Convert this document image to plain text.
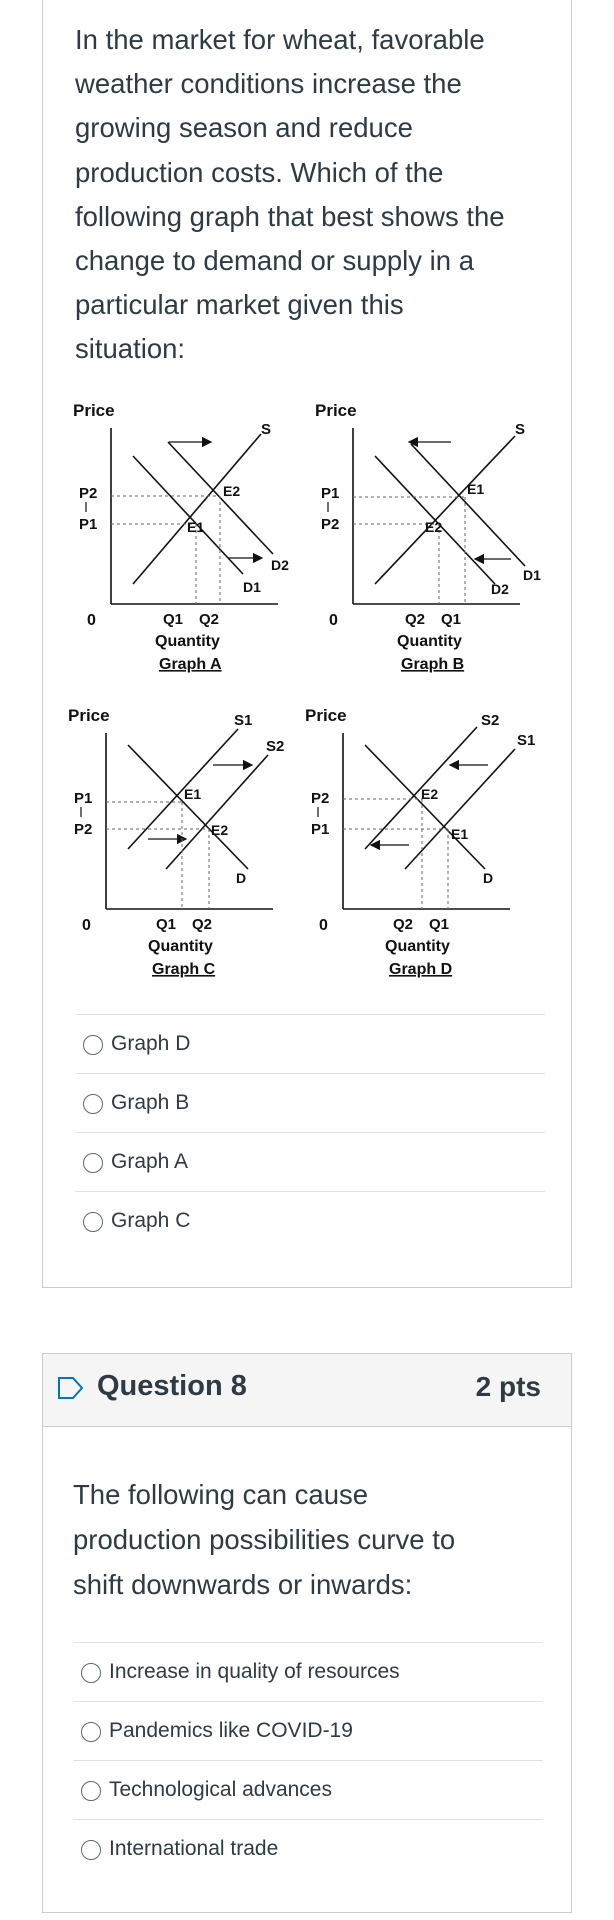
In the market for wheat, favorable
weather conditions increase the
growing season and reduce
production costs. Which of the
following graph that best shows the
change to demand or supply in a
particular market given this
situation:
Price
0
S
D1
D2
P2
P1
E2
E1
Q1 Q2
Quantity
Graph A
Price
0
S
D1
D2
P1
P2
E1
E2
Q2 Q1
Quantity
Graph B
Price
0
S1
S2
D
P1
P2
E1
E2
Q1 Q2
Quantity
Graph C
Price
0
S2
S1
D
P2
P1
E2
E1
Q2 Q1
Quantity
Graph D
Graph D
Graph B
Graph A
Graph C
Question 8	2 pts
The following can cause
production possibilities curve to
shift downwards or inwards:
Increase in quality of resources
Pandemics like COVID-19
Technological advances
International trade
